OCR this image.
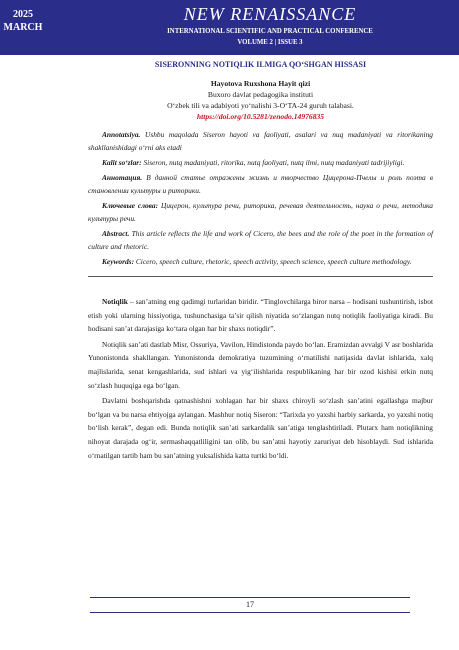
2025
MARCH
NEW RENAISSANCE
INTERNATIONAL SCIENTIFIC AND PRACTICAL CONFERENCE
VOLUME 2 | ISSUE 3
SISERONNING NOTIQLIK ILMIGA QO‘SHGAN HISSASI
Hayotova Ruxshona Hayit qizi
Buxoro davlat pedagogika instituti
O‘zbek tili va adabiyoti yo‘nalishi 3-O‘TA-24 guruh talabasi.
https://doi.org/10.5281/zenodo.14976835

Annotatsiya. Ushbu maqolada Siseron hayoti va faoliyati, asalari va nuq madaniyati va ritorikaning shakllanishidagi o‘rni aks etadi

Kalit so‘zlar: Siseron, nutq madaniyati, ritorika, nutq faoliyati, nutq ilmi, nutq madaniyati tadrijiyligi.

Аннотация. В данной статье отражены жизнь и творчество Цицерона-Пчелы и роль поэта в становлении культуры и риторики.

Ключевые слова: Цицерон, культура речи, риторика, речевая деятельность, наука о речи, методика культуры речи.

Abstract. This article reflects the life and work of Cicero, the bees and the role of the poet in the formation of culture and rhetoric.

Keywords: Cicero, speech culture, rhetoric, speech activity, speech science, speech culture methodology.

Notiqlik – san’atning eng qadimgi turlaridan biridir. “Tinglovchilarga biror narsa – hodisani tushuntirish, isbot etish yoki ularning hissiyotiga, tushunchasiga ta’sir qilish niyatida so‘zlangan nutq notiqlik faoliyatiga kiradi. Bu hodisani san’at darajasiga ko‘tara olgan har bir shaxs notiqdir”.

Notiqlik san’ati dastlab Misr, Ossuriya, Vavilon, Hindistonda paydo bo‘lan. Eramizdan avvalgi V asr boshlarida Yunonistonda shakllangan. Yunonistonda demokratiya tuzumining o‘rnatilishi natijasida davlat ishlarida, xalq majlislarida, senat kengashlarida, sud ishlari va yig‘ilishlarida respublikaning har bir ozod kishisi erkin nutq so‘zlash huquqiga ega bo‘lgan.

Davlatni boshqarishda qatnashishni xohlagan har bir shaxs chiroyli so‘zlash san’atini egallashga majbur bo‘lgan va bu narsa ehtiyojga aylangan. Mashhur notiq Siseron: “Tarixda yo yaxshi harbiy sarkarda, yo yaxshi notiq bo‘lish kerak”, degan edi. Bunda notiqlik san’ati sarkardalik san’atiga tenglashtiriladi. Plutarx ham notiqlikning nihoyat darajada og‘ir, sermashaqqatliligini tan olib, bu san’atni hayotiy zaruriyat deb hisoblaydi. Sud ishlarida o‘rnatilgan tartib ham bu san’atning yuksalishida katta turtki bo‘ldi.

17
